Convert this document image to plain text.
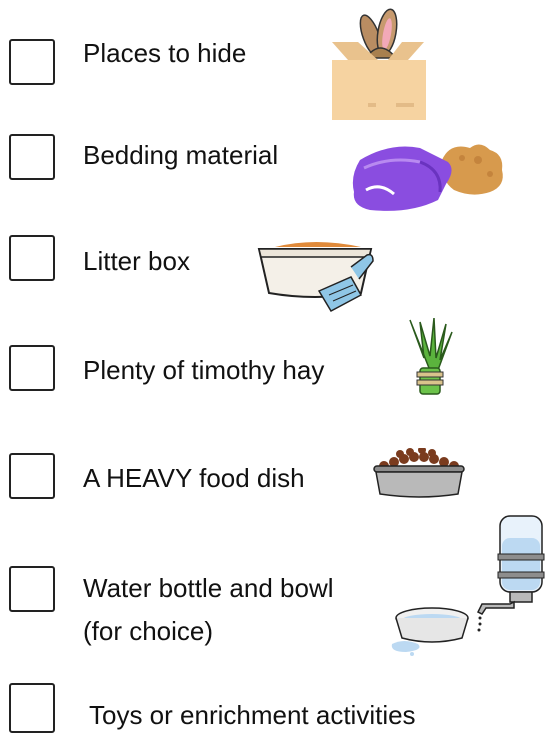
Places to hide
Bedding material
Litter box
Plenty of timothy hay
A HEAVY food dish
Water bottle and bowl
(for choice)
Toys or enrichment activities
